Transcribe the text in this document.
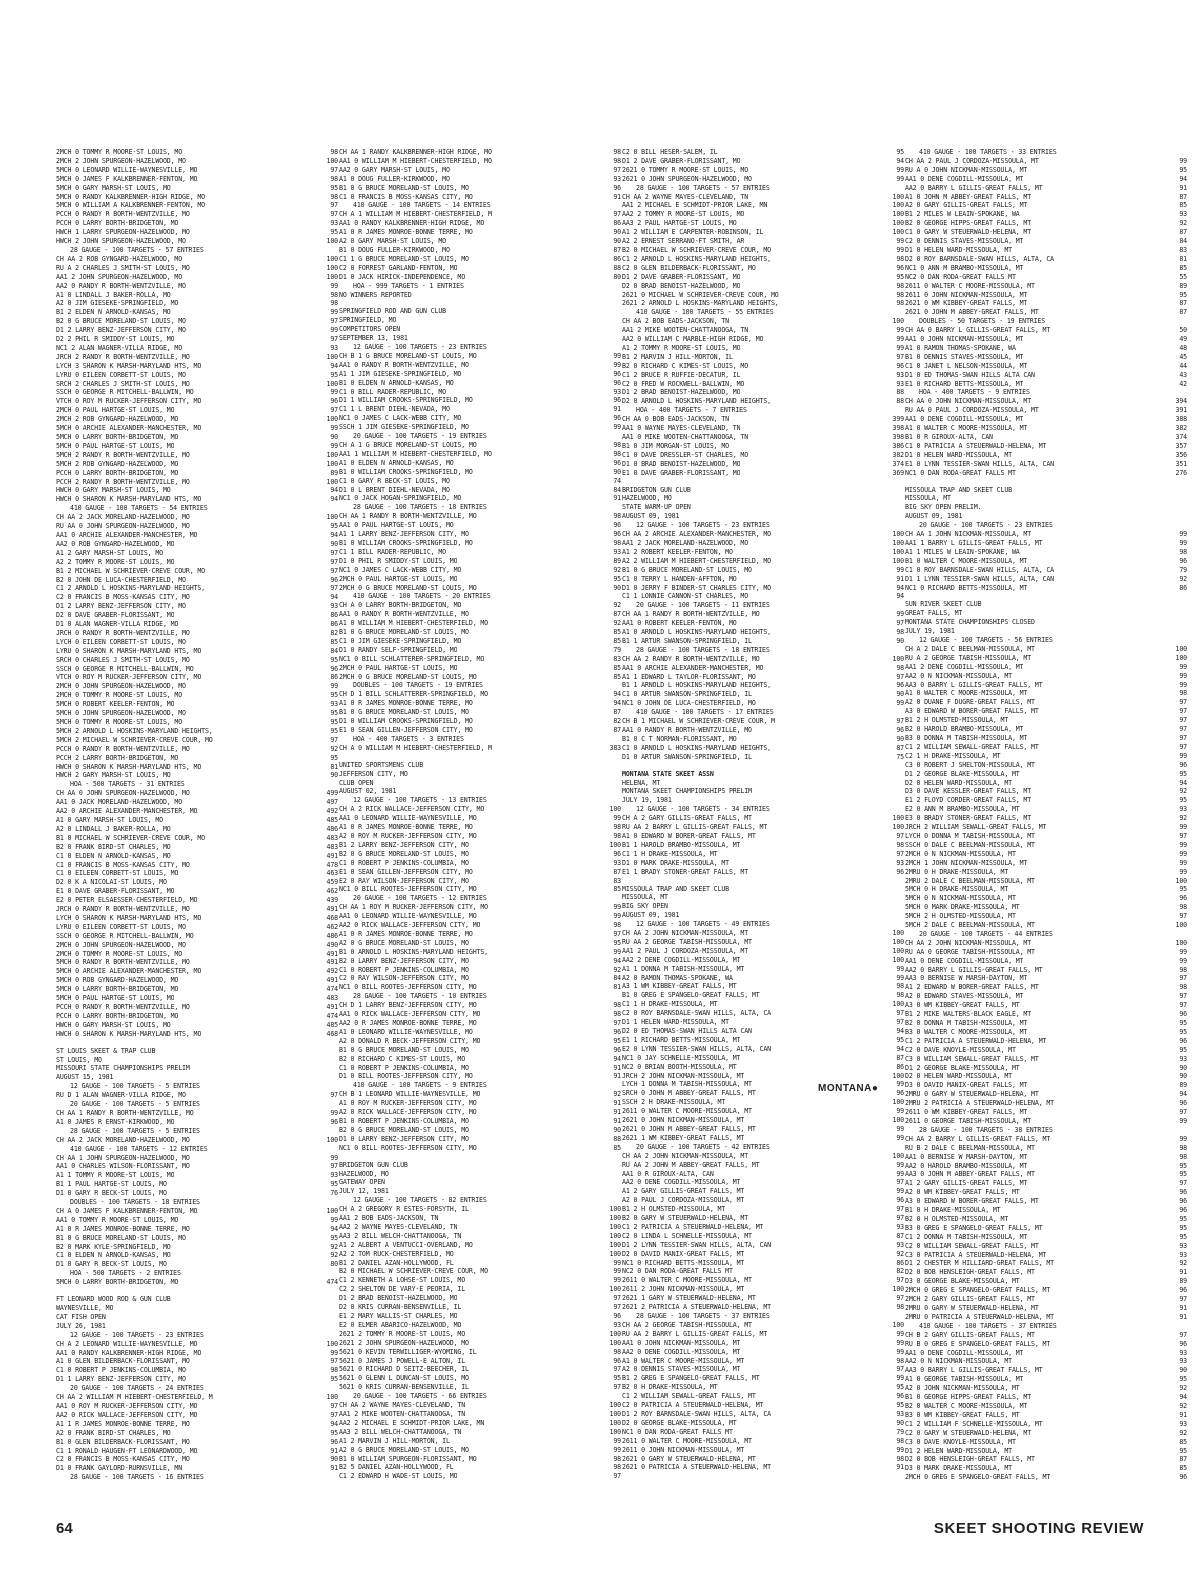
2MCH 0 TOMMY R MOORE-ST LOUIS, MO	98
2MCH 2 JOHN SPURGEON-HAZELWOOD, MO	100
5MCH 0 LEONARD WILLIE-WAYNESVILLE, MO	97
5MCH 0 JAMES F KALKBRENNER-FENTON, MO	98
5MCH 0 GARY MARSH-ST LOUIS, MO	95
5MCH 0 RANDY KALKBRENNER-HIGH RIDGE, MO	98
5MCH 0 WILLIAM A KALKBRENNER-FENTON, MO	97
PCCH 0 RANDY R BORTH-WENTZVILLE, MO	97
PCCH 0 LARRY BORTH-BRIDGETON, MO	93
HWCH 1 LARRY SPURGEON-HAZELWOOD, MO	95
HWCH 2 JOHN SPURGEON-HAZELWOOD, MO	100
28 GAUGE - 100 TARGETS - 57 ENTRIES
CH AA 2 ROB GYNGARD-HAZELWOOD, MO	100
RU A 2 CHARLES J SMITH-ST LOUIS, MO	100
AA1 2 JOHN SPURGEON-HAZELWOOD, MO	100
AA2 0 RANDY R BORTH-WENTZVILLE, MO	99
A1 0 LINDALL J BAKER-ROLLA, MO	98
A2 0 JIM GIESEKE-SPRINGFIELD, MO	98
B1 2 ELDEN N ARNOLD-KANSAS, MO	99
B2 0 G BRUCE MORELAND-ST LOUIS, MO	97
D1 2 LARRY BENZ-JEFFERSON CITY, MO	99
D2 2 PHIL R SMIDDY-ST LOUIS, MO	97
NC1 2 ALAN WAGNER-VILLA RIDGE, MO	93
JRCH 2 RANDY R BORTH-WENTZVILLE, MO	100
LYCH 3 SHARON K MARSH-MARYLAND HTS, MO	94
LYRU 0 EILEEN CORBETT-ST LOUIS, MO	95
SRCH 2 CHARLES J SMITH-ST LOUIS, MO	100
SSCH 0 GEORGE R MITCHELL-BALLWIN, MO	99
VTCH 0 ROY M RUCKER-JEFFERSON CITY, MO	96
2MCH 0 PAUL HARTGE-ST LOUIS, MO	97
2MCH 2 ROB GYNGARD-HAZELWOOD, MO	100
5MCH 0 ARCHIE ALEXANDER-MANCHESTER, MO	99
5MCH 0 LARRY BORTH-BRIDGETON, MO	90
5MCH 0 PAUL HARTGE-ST LOUIS, MO	99
5MCH 2 RANDY R BORTH-WENTZVILLE, MO	100
5MCH 2 ROB GYNGARD-HAZELWOOD, MO	100
PCCH 0 LARRY BORTH-BRIDGETON, MO	89
PCCH 2 RANDY R BORTH-WENTZVILLE, MO	100
HWCH 0 GARY MARSH-ST LOUIS, MO	94
HWCH 0 SHARON K MARSH-MARYLAND HTS, MO	94
410 GAUGE - 100 TARGETS - 54 ENTRIES
CH AA 2 JACK MORELAND-HAZELWOOD, MO	100
RU AA 0 JOHN SPURGEON-HAZELWOOD, MO	95
AA1 0 ARCHIE ALEXANDER-MANCHESTER, MO	94
AA2 0 ROB GYNGARD-HAZELWOOD, MO	90
A1 2 GARY MARSH-ST LOUIS, MO	97
A2 2 TOMMY R MOORE-ST LOUIS, MO	97
B1 2 MICHAEL W SCHRIEVER-CREVE COUR, MO	97
B2 0 JOHN DE LUCA-CHESTERFIELD, MO	96
C1 2 ARNOLD L HOSKINS-MARYLAND HEIGHTS,	97
C2 0 FRANCIS B MOSS-KANSAS CITY, MO	94
D1 2 LARRY BENZ-JEFFERSON CITY, MO	93
D2 0 DAVE GRABER-FLORISSANT, MO	86
D1 0 ALAN WAGNER-VILLA RIDGE, MO	86
JRCH 0 RANDY R BORTH-WENTZVILLE, MO	82
LYCH 0 EILEEN CORBETT-ST LOUIS, MO	85
LYRU 0 SHARON K MARSH-MARYLAND HTS, MO	84
SRCH 0 CHARLES J SMITH-ST LOUIS, MO	95
SSCH 0 GEORGE R MITCHELL-BALLWIN, MO	96
VTCH 0 ROY M RUCKER-JEFFERSON CITY, MO	86
2MCH 0 JOHN SPURGEON-HAZELWOOD, MO	99
2MCH 0 TOMMY R MOORE-ST LOUIS, MO	95
5MCH 0 ROBERT KEELER-FENTON, MO	93
5MCH 0 JOHN SPURGEON-HAZELWOOD, MO	95
5MCH 0 TOMMY R MOORE-ST LOUIS, MO	95
5MCH 2 ARNOLD L HOSKINS-MARYLAND HEIGHTS,	95
5MCH 2 MICHAEL W SCHRIEVER-CREVE COUR, MO	97
PCCH 0 RANDY R BORTH-WENTZVILLE, MO	92
PCCH 2 LARRY BORTH-BRIDGETON, MO	95
HWCH 0 SHARON K MARSH-MARYLAND HTS, MO	81
HWCH 2 GARY MARSH-ST LOUIS, MO	90
HOA - 500 TARGETS - 31 ENTRIES
CH AA 0 JOHN SPURGEON-HAZELWOOD, MO	499
AA1 0 JACK MORELAND-HAZELWOOD, MO	497
AA2 0 ARCHIE ALEXANDER-MANCHESTER, MO	492
A1 0 GARY MARSH-ST LOUIS, MO	485
A2 0 LINDALL J BAKER-ROLLA, MO	486
B1 0 MICHAEL W SCHRIEVER-CREVE COUR, MO	483
B2 0 FRANK BIRD-ST CHARLES, MO	483
C1 0 ELDEN N ARNOLD-KANSAS, MO	491
C1 0 FRANCIS B MOSS-KANSAS CITY, MO	478
C1 0 EILEEN CORBETT-ST LOUIS, MO	463
D2 0 K A NICOLAI-ST LOUIS, MO	459
E1 0 DAVE GRABER-FLORISSANT, MO	462
E2 0 PETER ELSAESSER-CHESTERFIELD, MO	439
JRCH 0 RANDY R BORTH-WENTZVILLE, MO	491
LYCH 0 SHARON K MARSH-MARYLAND HTS, MO	468
LYRU 0 EILEEN CORBETT-ST LOUIS, MO	462
SSCH 0 GEORGE R MITCHELL-BALLWIN, MO	486
2MCH 0 JOHN SPURGEON-HAZELWOOD, MO	490
2MCH 0 TOMMY R MOORE-ST LOUIS, MO	491
5MCH 0 RANDY R BORTH-WENTZVILLE, MO	491
5MCH 0 ARCHIE ALEXANDER-MANCHESTER, MO	492
5MCH 0 ROB GYNGARD-HAZELWOOD, MO	491
5MCH 0 LARRY BORTH-BRIDGETON, MO	474
5MCH 0 PAUL HARTGE-ST LOUIS, MO	483
PCCH 0 RANDY R BORTH-WENTZVILLE, MO	491
PCCH 0 LARRY BORTH-BRIDGETON, MO	474
HWCH 0 GARY MARSH-ST LOUIS, MO	485
HWCH 0 SHARON K MARSH-MARYLAND HTS, MO	468
ST LOUIS SKEET & TRAP CLUB
ST LOUIS, MO
MISSOURI STATE CHAMPIONSHIPS PRELIM
AUGUST 15, 1981
12 GAUGE - 100 TARGETS - 5 ENTRIES
RU D 1 ALAN WAGNER-VILLA RIDGE, MO	97
20 GAUGE - 100 TARGETS - 5 ENTRIES
CH AA 1 RANDY R BORTH-WENTZVILLE, MO	99
A1 0 JAMES R ERNST-KIRKWOOD, MO	96
28 GAUGE - 100 TARGETS - 5 ENTRIES
CH AA 2 JACK MORELAND-HAZELWOOD, MO	100
410 GAUGE - 100 TARGETS - 12 ENTRIES
CH AA 1 JOHN SPURGEON-HAZELWOOD, MO	99
AA1 0 CHARLES WILSON-FLORISSANT, MO	97
A1 1 TOMMY R MOORE-ST LOUIS, MO	93
B1 1 PAUL HARTGE-ST LOUIS, MO	95
D1 0 GARY R BECK-ST LOUIS, MO	76
DOUBLES - 100 TARGETS - 18 ENTRIES
CH A 0 JAMES F KALKBRENNER-FENTON, MO	100
AA1 0 TOMMY R MOORE-ST LOUIS, MO	99
A1 0 R JAMES MONROE-BONNE TERRE, MO	94
B1 0 G BRUCE MORELAND-ST LOUIS, MO	95
B2 0 MARK KYLE-SPRINGFIELD, MO	92
C1 0 ELDEN N ARNOLD-KANSAS, MO	92
D1 0 GARY R BECK-ST LOUIS, MO	80
HOA - 500 TARGETS - 2 ENTRIES
5MCH 0 LARRY BORTH-BRIDGETON, MO	474
FT LEONARD WOOD ROD & GUN CLUB
WAYNESVILLE, MO
CAT FISH OPEN
JULY 26, 1981
12 GAUGE - 100 TARGETS - 23 ENTRIES
CH A 2 LEONARD WILLIE-WAYNESVILLE, MO	100
AA1 0 RANDY KALKBRENNER-HIGH RIDGE, MO	99
A1 0 GLEN BILDERBACK-FLORISSANT, MO	97
C1 0 ROBERT P JENKINS-COLUMBIA, MO	98
D1 1 LARRY BENZ-JEFFERSON CITY, MO	95
20 GAUGE - 100 TARGETS - 24 ENTRIES
CH AA 2 WILLIAM M HIEBERT-CHESTERFIELD, M	100
AA1 0 ROY M RUCKER-JEFFERSON CITY, MO	97
AA2 0 RICK WALLACE-JEFFERSON CITY, MO	97
A1 1 R JAMES MONROE-BONNE TERRE, MO	94
A2 0 FRANK BIRD-ST CHARLES, MO	95
B1 0 GLEN BILDERBACK-FLORISSANT, MO	96
C1 1 RONALD HAUGEN-FT LEONARDWOOD, MO	91
C2 0 FRANCIS B MOSS-KANSAS CITY, MO	90
D1 0 FRANK GAYLORD-RURNSVILLE, MN	91
28 GAUGE - 100 TARGETS - 16 ENTRIES
CH AA 1 RANDY KALKBRENNER-HIGH RIDGE, MO	98
AA1 0 WILLIAM M HIEBERT-CHESTERFIELD, MO	98
AA2 0 GARY MARSH-ST LOUIS, MO	97
A1 0 DOUG FULLER-KIRKWOOD, MO	93
B1 0 G BRUCE MORELAND-ST LOUIS, MO	96
C1 0 FRANCIS B MOSS-KANSAS CITY, MO	91
410 GAUGE - 100 TARGETS - 14 ENTRIES
CH A 1 WILLIAM M HIEBERT-CHESTERFIELD, M	97
AA1 0 RANDY KALKBRENNER-HIGH RIDGE, MO	86
A1 0 R JAMES MONROE-BONNE TERRE, MO	90
A2 0 GARY MARSH-ST LOUIS, MO	90
B1 0 DOUG FULLER-KIRKWOOD, MO	87
C1 1 G BRUCE MORELAND-ST LOUIS, MO	86
C2 0 FORREST GARLAND-FENTON, MO	88
D1 0 JACK HIRICK-INDEPENDENCE, MO	80
HOA - 999 TARGETS - 1 ENTRIES
NO WINNERS REPORTED
SPRINGFIELD ROD AND GUN CLUB
SPRINGFIELD, MO
COMPETITORS OPEN
SEPTEMBER 13, 1981
12 GAUGE - 100 TARGETS - 23 ENTRIES
CH B 1 G BRUCE MORELAND-ST LOUIS, MO	99
AA1 0 RANDY R BORTH-WENTZVILLE, MO	99
A1 1 JIM GIESEKE-SPRINGFIELD, MO	96
B1 0 ELDEN N ARNOLD-KANSAS, MO	96
C1 0 BILL RADER-REPUBLIC, MO	93
D1 1 WILLIAM CROOKS-SPRINGFIELD, MO	96
C1 1 L BRENT DIEHL-NEVADA, MO	91
NC1 0 JAMES C LACK-WEBB CITY, MO	96
SSCH 1 JIM GIESEKE-SPRINGFIELD, MO	99
20 GAUGE - 100 TARGETS - 19 ENTRIES
CH A 1 G BRUCE MORELAND-ST LOUIS, MO	98
AA1 1 WILLIAM M HIEBERT-CHESTERFIELD, MO	98
A1 0 ELDEN N ARNOLD-KANSAS, MO	96
B1 0 WILLIAM CROOKS-SPRINGFIELD, MO	90
C1 0 GARY R BECK-ST LOUIS, MO	74
D1 0 L BRENT DIEHL-NEVADA, MO	84
NC1 0 JACK HOGAN-SPRINGFIELD, MO	91
28 GAUGE - 100 TARGETS - 18 ENTRIES
CH AA 1 RANDY R BORTH-WENTZVILLE, MO	98
AA1 0 PAUL HARTGE-ST LOUIS, MO	96
A1 1 LARRY BENZ-JEFFERSON CITY, MO	96
B1 0 WILLIAM CROOKS-SPRINGFIELD, MO	98
C1 1 BILL RADER-REPUBLIC, MO	93
D1 0 PHIL R SMIDDY-ST LOUIS, MO	89
NC1 0 JAMES C LACK-WEBB CITY, MO	92
2MCH 0 PAUL HARTGE-ST LOUIS, MO	95
2MCH 0 G BRUCE MORELAND-ST LOUIS, MO	90
410 GAUGE - 100 TARGETS - 20 ENTRIES
CH A 0 LARRY BORTH-BRIDGETON, MO	92
AA1 0 RANDY R BORTH-WENTZVILLE, MO	87
A1 0 WILLIAM M HIEBERT-CHESTERFIELD, MO	92
B1 0 G BRUCE MORELAND-ST LOUIS, MO	85
C1 0 JIM GIESEKE-SPRINGFIELD, MO	85
D1 0 RANDY SELF-SPRINGFIELD, MO	79
NC1 0 BILL SCHLATTERER-SPRINGFIELD, MO	83
2MCH 0 PAUL HARTGE-ST LOUIS, MO	85
2MCH 0 G BRUCE MORELAND-ST LOUIS, MO	85
DOUBLES - 100 TARGETS - 19 ENTRIES
CH D 1 BILL SCHLATTERER-SPRINGFIELD, MO	94
A1 0 R JAMES MONROE-BONNE TERRE, MO	94
B1 0 G BRUCE MORELAND-ST LOUIS, MO	87
D1 0 WILLIAM CROOKS-SPRINGFIELD, MO	82
E1 0 SEAN GILLEN-JEFFERSON CITY, MO	87
HOA - 400 TARGETS - 3 ENTRIES
CH A 0 WILLIAM M HIEBERT-CHESTERFIELD, M	383
UNITED SPORTSMENS CLUB
JEFFERSON CITY, MO
CLUB OPEN
AUGUST 02, 1981
12 GAUGE - 100 TARGETS - 13 ENTRIES
CH A 2 RICK WALLACE-JEFFERSON CITY, MO	100
AA1 0 LEONARD WILLIE-WAYNESVILLE, MO	99
A1 0 R JAMES MONROE-BONNE TERRE, MO	98
A2 0 ROY M RUCKER-JEFFERSON CITY, MO	98
B1 2 LARRY BENZ-JEFFERSON CITY, MO	100
B2 0 G BRUCE MORELAND-ST LOUIS, MO	96
C1 0 ROBERT P JENKINS-COLUMBIA, MO	93
E1 0 SEAN GILLEN-JEFFERSON CITY, MO	87
E2 0 RAY WILSON-JEFFERSON CITY, MO	83
NC1 0 BILL ROOTES-JEFFERSON CITY, MO	85
20 GAUGE - 100 TARGETS - 12 ENTRIES
CH AA 1 ROY M RUCKER-JEFFERSON CITY, MO	99
AA1 0 LEONARD WILLIE-WAYNESVILLE, MO	99
AA2 0 RICK WALLACE-JEFFERSON CITY, MO	98
A1 0 R JAMES MONROE-BONNE TERRE, MO	97
A2 0 G BRUCE MORELAND-ST LOUIS, MO	95
B1 0 ARNOLD L HOSKINS-MARYLAND HEIGHTS,	99
B2 0 LARRY BENZ-JEFFERSON CITY, MO	94
C1 0 ROBERT P JENKINS-COLUMBIA, MO	92
C2 0 RAY WILSON-JEFFERSON CITY, MO	84
NC1 0 BILL ROOTES-JEFFERSON CITY, MO	81
28 GAUGE - 100 TARGETS - 10 ENTRIES
CH D 1 LARRY BENZ-JEFFERSON CITY, MO	98
AA1 0 RICK WALLACE-JEFFERSON CITY, MO	98
AA2 0 R JAMES MONROE-BONNE TERRE, MO	97
A1 0 LEONARD WILLIE-WAYNESVILLE, MO	96
A2 0 DONALD R BECK-JEFFERSON CITY, MO	95
B1 0 G BRUCE MORELAND-ST LOUIS, MO	96
B2 0 RICHARD C KIMES-ST LOUIS, MO	94
C1 0 ROBERT P JENKINS-COLUMBIA, MO	91
D1 0 BILL ROOTES-JEFFERSON CITY, MO	91
410 GAUGE - 100 TARGETS - 9 ENTRIES
CH B 1 LEONARD WILLIE-WAYNESVILLE, MO	92
A1 0 ROY M RUCKER-JEFFERSON CITY, MO	91
A2 0 RICK WALLACE-JEFFERSON CITY, MO	91
B1 0 ROBERT P JENKINS-COLUMBIA, MO	91
B2 0 G BRUCE MORELAND-ST LOUIS, MO	90
D1 0 LARRY BENZ-JEFFERSON CITY, MO	88
NC1 0 BILL ROOTES-JEFFERSON CITY, MO	85
BRIDGETON GUN CLUB
HAZELWOOD, MO
GATEWAY OPEN
JULY 12, 1981
12 GAUGE - 100 TARGETS - 82 ENTRIES
CH A 2 GREGORY R ESTES-FORSYTH, IL	100
AA1 2 BOB EADS-JACKSON, TN	100
AA2 2 WAYNE MAYES-CLEVELAND, TN	100
AA3 2 BILL WELCH-CHATTANOOGA, TN	100
A1 2 ALBERT A VENTUCCI-OVERLAND, MO	100
A2 2 TOM RUCK-CHESTERFIELD, MO	100
B1 2 DANIEL AZAN-HOLLYWOOD, FL	99
B2 0 MICHAEL W SCHRIEVER-CREVE COUR, MO	99
C1 2 KENNETH A LOHSE-ST LOUIS, MO	99
C2 2 SHELTON DE VARY-E PEORIA, IL	100
D1 2 BRAD BENOIST-HAZELWOOD, MO	97
D2 0 KRIS CURRAN-BENSENVILLE, IL	97
E1 2 MARY WALLIS-ST CHARLES, MO	96
E2 0 ELMER ABARICO-HAZELWOOD, MO	93
2621 2 TOMMY R MOORE-ST LOUIS, MO	100
2621 2 JOHN SPURGEON-HAZELWOOD, MO	100
5621 0 KEVIN TERWILLIGER-WYOMING, IL	98
5621 0 JAMES J POWELL-E ALTON, IL	96
5621 0 RICHARD D SEITZ-BEECHER, IL	97
5621 0 GLENN L DUNCAN-ST LOUIS, MO	95
5621 0 KRIS CURRAN-BENSENVILLE, IL	97
20 GAUGE - 100 TARGETS - 66 ENTRIES
CH AA 2 WAYNE MAYES-CLEVELAND, TN	100
AA1 2 MIKE WOOTEN-CHATTANOOGA, TN	100
AA2 2 MICHAEL E SCHMIDT-PRIOR LAKE, MN	100
AA3 2 BILL WELCH-CHATTANOOGA, TN	100
A1 2 MARVIN J HILL-MORTON, IL	99
A2 0 G BRUCE MORELAND-ST LOUIS, MO	99
B1 0 WILLIAM SPURGEON-FLORISSANT, MO	98
B2 5 DANIEL AZAN-HOLLYWOOD, FL	98
C1 2 EDWARD H WADE-ST LOUIS, MO	97
C2 0 BILL HESER-SALEM, IL	95
D1 2 DAVE GRABER-FLORISSANT, MO	94
2621 0 TOMMY R MOORE-ST LOUIS, MO	99
2621 0 JOHN SPURGEON-HAZELWOOD, MO	99
28 GAUGE - 100 TARGETS - 57 ENTRIES
CH AA 2 WAYNE MAYES-CLEVELAND, TN	100
AA1 2 MICHAEL E SCHMIDT-PRIOR LAKE, MN	100
AA2 2 TOMMY R MOORE-ST LOUIS, MO	100
AA3 2 PAUL HARTGE-ST LOUIS, MO	100
A1 2 WILLIAM E CARPENTER-ROBINSON, IL	100
A2 2 ERNEST SERRANO-FT SMITH, AR	99
B2 0 MICHAEL W SCHRIEVER-CREVE COUR, MO	99
C1 2 ARNOLD L HOSKINS-MARYLAND HEIGHTS,	98
C2 0 GLEN BILDERBACK-FLORISSANT, MO	96
D1 2 DAVE GRABER-FLORISSANT, MO	95
D2 0 BRAD BENOIST-HAZELWOOD, MO	98
2621 0 MICHAEL W SCHRIEVER-CREVE COUR, MO	98
2621 2 ARNOLD L HOSKINS-MARYLAND HEIGHTS,	98
410 GAUGE - 100 TARGETS - 55 ENTRIES
CH AA 2 BOB EADS-JACKSON, TN	100
AA1 2 MIKE WOOTEN-CHATTANOOGA, TN	99
AA2 0 WILLIAM C MARBLE-HIGH RIDGE, MO	99
A1 2 TOMMY R MOORE-ST LOUIS, MO	99
B1 2 MARVIN J HILL-MORTON, IL	97
B2 0 RICHARD C KIMES-ST LOUIS, MO	96
C1 2 BRUCE R RUFFIE-DECATUR, IL	93
C2 0 FRED W ROCKWELL-BALLWIN, MO	93
D1 2 BRAD BENOIST-HAZELWOOD, MO	88
D2 0 ARNOLD L HOSKINS-MARYLAND HEIGHTS,	88
HOA - 400 TARGETS - 7 ENTRIES
CH AA 0 BOB EADS-JACKSON, TN	399
AA1 0 WAYNE MAYES-CLEVELAND, TN	398
AA1 0 MIKE WOOTEN-CHATTANOOGA, TN	398
B1 0 JIM MORGAN-ST LOUIS, MO	386
C1 0 DAVE DRESSLER-ST CHARLES, MO	382
D1 0 BRAD BENOIST-HAZELWOOD, MO	374
E1 0 DAVE GRABER-FLORISSANT, MO	369
BRIDGETON GUN CLUB
HAZELWOOD, MO
STATE WARM-UP OPEN
AUGUST 09, 1981
12 GAUGE - 100 TARGETS - 23 ENTRIES
CH AA 2 ARCHIE ALEXANDER-MANCHESTER, MO	100
AA1 2 JACK MORELAND-HAZELWOOD, MO	100
A1 2 ROBERT KEELER-FENTON, MO	100
A2 2 WILLIAM M HIEBERT-CHESTERFIELD, MO	100
B1 0 G BRUCE MORELAND-ST LOUIS, MO	99
C1 0 TERRY L HANDEN-AFFTON, MO	91
D1 0 JERRY F BINDER-ST CHARLES CITY, MO	94
C1 1 LONNIE CANNON-ST CHARLES, MO	94
20 GAUGE - 100 TARGETS - 11 ENTRIES
CH AA 1 RANDY R BORTH-WENTZVILLE, MO	99
AA1 0 ROBERT KEELER-FENTON, MO	97
A1 0 ARNOLD L HOSKINS-MARYLAND HEIGHTS,	98
B1 1 ARTUR SWANSON-SPRINGFIELD, IL	90
28 GAUGE - 100 TARGETS - 18 ENTRIES
CH AA 2 RANDY R BORTH-WENTZVILLE, MO	100
AA1 0 ARCHIE ALEXANDER-MANCHESTER, MO	98
A1 1 EDWARD L TAYLOR-FLORISSANT, MO	97
B1 1 ARNOLD L HOSKINS-MARYLAND HEIGHTS,	96
C1 0 ARTUR SWANSON-SPRINGFIELD, IL	90
NC1 0 JOHN DE LUCA-CHESTERFIELD, MO	99
410 GAUGE - 100 TARGETS - 17 ENTRIES
CH B 1 MICHAEL W SCHRIEVER-CREVE COUR, M	97
AA1 0 RANDY R BORTH-WENTZVILLE, MO	96
B1 0 C T NORMAN-FLORISSANT, MO	90
C1 0 ARNOLD L HOSKINS-MARYLAND HEIGHTS,	87
D1 0 ARTUR SWANSON-SPRINGFIELD, IL	75
MONTANA STATE SKEET ASSN
HELENA, MT
MONTANA SKEET CHAMPIONSHIPS PRELIM
JULY 19, 1981
12 GAUGE - 100 TARGETS - 34 ENTRIES
CH A 2 GARY GILLIS-GREAT FALLS, MT	100
RU AA 2 BARRY L GILLIS-GREAT FALLS, MT	100
A1 0 EDWARD W BORER-GREAT FALLS, MT	97
B1 1 HAROLD BRAMBO-MISSOULA, MT	98
C1 1 H DRAKE-MISSOULA, MT	97
D1 0 MARK DRAKE-MISSOULA, MT	93
E1 1 BRADY STONER-GREAT FALLS, MT	96
MISSOULA TRAP AND SKEET CLUB
MISSOULA, MT
BIG SKY OPEN
AUGUST 09, 1981
12 GAUGE - 100 TARGETS - 49 ENTRIES
CH AA 2 JOHN NICKMAN-MISSOULA, MT	100
RU AA 2 GEORGE TABISH-MISSOULA, MT	100
AA1 2 PAUL J CORDOZA-MISSOULA, MT	100
AA2 2 DENE COGDILL-MISSOULA, MT	100
A1 1 DONNA M TABISH-MISSOULA, MT	99
A2 0 RAMON THOMAS-SPOKANE, WA	99
A3 1 WM KIBBEY-GREAT FALLS, MT	98
B1 0 GREG E SPANGELO-GREAT FALLS, MT	98
C1 1 H DRAKE-MISSOULA, MT	100
C2 0 ROY BARNSDALE-SWAN HILLS, ALTA, CA	97
D1 1 HELEN WARD-MISSOULA, MT	97
D2 0 ED THOMAS-SWAN HILLS ALTA CAN	94
E1 1 RICHARD BETTS-MISSOULA, MT	95
E2 0 LYNN TESSIER-SWAN HILLS, ALTA, CAN	94
NC1 0 JAY SCHNELLE-MISSOULA, MT	87
NC2 0 BRIAN BOOTH-MISSOULA, MT	86
JRCH 2 JOHN NICKMAN-MISSOULA, MT	100
LYCH 1 DONNA M TABISH-MISSOULA, MT	99
SRCH 0 JOHN M ABBEY-GREAT FALLS, MT	96
SSCH 2 H DRAKE-MISSOULA, MT	100
2611 0 WALTER C MOORE-MISSOULA, MT	99
2621 0 JOHN NICKMAN-MISSOULA, MT	100
2621 0 JOHN M ABBEY-GREAT FALLS, MT	99
2621 1 WM KIBBEY-GREAT FALLS, MT	99
20 GAUGE - 100 TARGETS - 42 ENTRIES
CH AA 2 JOHN NICKMAN-MISSOULA, MT	100
RU AA 2 JOHN M ABBEY-GREAT FALLS, MT	99
AA1 0 R GIROUX-ALTA, CAN	99
AA2 0 DENE COGDILL-MISSOULA, MT	97
A1 2 GARY GILLIS-GREAT FALLS, MT	99
A2 0 PAUL J CORDOZA-MISSOULA, MT	96
B1 2 H OLMSTED-MISSOULA, MT	97
B2 0 GARY W STEUERWALD-HELENA, MT	97
C1 2 PATRICIA A STEUERWALD-HELENA, MT	93
C2 0 LINDA L SCHNELLE-MISSOULA, MT	87
D1 2 LYNN TESSIER-SWAN HILLS, ALTA, CAN	93
D2 0 DAVID MANIX-GREAT FALLS, MT	92
NC1 0 RICHARD BETTS-MISSOULA, MT	86
NC2 0 DAN RODA-GREAT FALLS MT	82
2611 0 WALTER C MOORE-MISSOULA, MT	97
2611 2 JOHN NICKMAN-MISSOULA, MT	100
2621 1 GARY W STEUERWALD-HELENA, MT	97
2621 2 PATRICIA A STEUERWALD-HELENA, MT	98
28 GAUGE - 100 TARGETS - 37 ENTRIES
CH AA 2 GEORGE TABISH-MISSOULA, MT	100
RU AA 2 BARRY L GILLIS-GREAT FALLS, MT	99
AA1 0 JOHN NICKMAN-MISSOULA, MT	99
AA2 0 DENE COGDILL-MISSOULA, MT	99
A1 0 WALTER C MOORE-MISSOULA, MT	98
A2 0 DENNIS STAVES-MISSOULA, MT	97
B1 2 GREG E SPANGELO-GREAT FALLS, MT	99
B2 0 H DRAKE-MISSOULA, MT	95
C1 2 WILLIAM SEWALL-GREAT FALLS, MT	96
C2 0 PATRICIA A STEUERWALD-HELENA, MT	95
D1 2 ROY BARNSDALE-SWAN HILLS, ALTA, CA	93
D2 0 GEORGE BLAKE-MISSOULA, MT	90
NC1 0 DAN RODA-GREAT FALLS MT	79
2611 0 WALTER C MOORE-MISSOULA, MT	98
2611 0 JOHN NICKMAN-MISSOULA, MT	99
2621 0 GARY W STEUERWALD-HELENA, MT	98
2621 0 PATRICIA A STEUERWALD-HELENA, MT	91
410 GAUGE - 100 TARGETS - 33 ENTRIES
CH AA 2 PAUL J CORDOZA-MISSOULA, MT	99
RU A 0 JOHN NICKMAN-MISSOULA, MT	95
AA1 0 DENE COGDILL-MISSOULA, MT	94
AA2 0 BARRY L GILLIS-GREAT FALLS, MT	91
A1 0 JOHN M ABBEY-GREAT FALLS, MT	87
A2 0 GARY GILLIS-GREAT FALLS, MT	85
B1 2 MILES W LEAIN-SPOKANE, WA	93
B2 0 GEORGE HIPPS-GREAT FALLS, MT	92
C1 0 GARY W STEUERWALD-HELENA, MT	87
C2 0 DENNIS STAVES-MISSOULA, MT	84
D1 0 HELEN WARD-MISSOULA, MT	83
D2 0 ROY BARNSDALE-SWAN HILLS, ALTA, CA	81
NC1 0 ANN M BRAMBO-MISSOULA, MT	85
NC2 0 DAN RODA-GREAT FALLS MT	55
2611 0 WALTER C MOORE-MISSOULA, MT	89
2611 0 JOHN NICKMAN-MISSOULA, MT	95
2621 0 WM KIBBEY-GREAT FALLS, MT	87
2621 0 JOHN M ABBEY-GREAT FALLS, MT	87
DOUBLES - 50 TARGETS - 19 ENTRIES
CH AA 0 BARRY L GILLIS-GREAT FALLS, MT	50
AA1 0 JOHN NICKMAN-MISSOULA, MT	49
A1 0 RAMON THOMAS-SPOKANE, WA	48
B1 0 DENNIS STAVES-MISSOULA, MT	45
C1 0 JANET L NELSON-MISSOULA, MT	44
D1 0 ED THOMAS-SWAN HILLS ALTA CAN	43
E1 0 RICHARD BETTS-MISSOULA, MT	42
HOA - 400 TARGETS - 9 ENTRIES
CH AA 0 JOHN NICKMAN-MISSOULA, MT	394
RU AA 0 PAUL J CORDOZA-MISSOULA, MT	391
AA1 0 DENE COGDILL-MISSOULA, MT	388
A1 0 WALTER C MOORE-MISSOULA, MT	382
B1 0 R GIROUX-ALTA, CAN	374
C1 0 PATRICIA A STEUERWALD-HELENA, MT	357
D1 0 HELEN WARD-MISSOULA, MT	356
E1 0 LYNN TESSIER-SWAN HILLS, ALTA, CAN	351
NC1 0 DAN RODA-GREAT FALLS MT	276
MISSOULA TRAP AND SKEET CLUB
MISSOULA, MT
BIG SKY OPEN PRELIM.
AUGUST 09, 1981
20 GAUGE - 100 TARGETS - 23 ENTRIES
CH AA 1 JOHN NICKMAN-MISSOULA, MT	99
AA1 1 BARRY L GILLIS-GREAT FALLS, MT	99
A1 1 MILES W LEAIN-SPOKANE, WA	98
B1 0 WALTER C MOORE-MISSOULA, MT	96
C1 0 ROY BARNSDALE-SWAN HILLS, ALTA, CA	79
D1 1 LYNN TESSIER-SWAN HILLS, ALTA, CAN	92
NC1 0 RICHARD BETTS-MISSOULA, MT	86
SUN RIVER SKEET CLUB
GREAT FALLS, MT
MONTANA STATE CHAMPIONSHIPS CLOSED
JULY 19, 1981
12 GAUGE - 100 TARGETS - 56 ENTRIES
CH A 2 DALE C BEELMAN-MISSOULA, MT	100
RU A 2 GEORGE TABISH-MISSOULA, MT	100
AA1 2 DENE COGDILL-MISSOULA, MT	99
AA2 0 N NICKMAN-MISSOULA, MT	99
AA3 0 BARRY L GILLIS-GREAT FALLS, MT	99
A1 0 WALTER C MOORE-MISSOULA, MT	98
A2 0 DUANE F DUGRE-GREAT FALLS, MT	97
A3 0 EDWARD W BORER-GREAT FALLS, MT	97
B1 2 H OLMSTED-MISSOULA, MT	97
B2 0 HAROLD BRAMBO-MISSOULA, MT	97
B3 0 DONNA M TABISH-MISSOULA, MT	97
C1 2 WILLIAM SEWALL-GREAT FALLS, MT	97
C2 1 H DRAKE-MISSOULA, MT	99
C3 0 ROBERT J SHELTON-MISSOULA, MT	96
D1 2 GEORGE BLAKE-MISSOULA, MT	95
D2 0 HELEN WARD-MISSOULA, MT	94
D3 0 DAVE KESSLER-GREAT FALLS, MT	92
E1 2 FLOYD CORDER-GREAT FALLS, MT	95
E2 0 ANN M BRAMBO-MISSOULA, MT	93
E3 0 BRADY STONER-GREAT FALLS, MT	92
JRCH 2 WILLIAM SEWALL-GREAT FALLS, MT	99
LYCH 0 DONNA M TABISH-MISSOULA, MT	97
SSCH 0 DALE C BEELMAN-MISSOULA, MT	99
2MCH 0 N NICKMAN-MISSOULA, MT	99
2MCH 1 JOHN NICKMAN-MISSOULA, MT	99
2MRU 0 H DRAKE-MISSOULA, MT	99
2MRU 2 DALE C BEELMAN-MISSOULA, MT	100
5MCH 0 H DRAKE-MISSOULA, MT	95
5MCH 0 N NICKMAN-MISSOULA, MT	96
5MCH 0 MARK DRAKE-MISSOULA, MT	98
5MCH 2 H OLMSTED-MISSOULA, MT	97
5MCH 2 DALE C BEELMAN-MISSOULA, MT	100
20 GAUGE - 100 TARGETS - 44 ENTRIES
CH AA 2 JOHN NICKMAN-MISSOULA, MT	100
RU AA 0 GEORGE TABISH-MISSOULA, MT	99
AA1 0 DENE COGDILL-MISSOULA, MT	99
AA2 0 BARRY L GILLIS-GREAT FALLS, MT	98
AA3 0 BERNISE W MARSH-DAYTON, MT	97
A1 2 EDWARD W BORER-GREAT FALLS, MT	98
A2 0 EDWARD STAVES-MISSOULA, MT	97
A3 0 WM KIBBEY-GREAT FALLS, MT	97
B1 2 MIKE WALTERS-BLACK EAGLE, MT	96
B2 0 DONNA M TABISH-MISSOULA, MT	95
B3 0 WALTER C MOORE-MISSOULA, MT	95
C1 2 PATRICIA A STEUERWALD-HELENA, MT	96
C2 0 DAVE KNOYLE-MISSOULA, MT	95
C3 0 WILLIAM SEWALL-GREAT FALLS, MT	93
D1 2 GEORGE BLAKE-MISSOULA, MT	90
D2 0 HELEN WARD-MISSOULA, MT	90
D3 0 DAVID MANIX-GREAT FALLS, MT	89
2MRU 0 GARY W STEUERWALD-HELENA, MT	94
2MRU 2 PATRICIA A STEUERWALD-HELENA, MT	96
2611 0 WM KIBBEY-GREAT FALLS, MT	97
2611 0 GEORGE TABISH-MISSOULA, MT	99
28 GAUGE - 100 TARGETS - 38 ENTRIES
CH AA 2 BARRY L GILLIS-GREAT FALLS, MT	99
RU B 2 DALE C BEELMAN-MISSOULA, MT	98
AA1 0 BERNISE W MARSH-DAYTON, MT	98
AA2 0 HAROLD BRAMBO-MISSOULA, MT	95
AA3 0 JOHN M ABBEY-GREAT FALLS, MT	95
A1 2 GARY GILLIS-GREAT FALLS, MT	97
A2 0 WM KIBBEY-GREAT FALLS, MT	96
A3 0 EDWARD W BORER-GREAT FALLS, MT	96
B1 0 H DRAKE-MISSOULA, MT	96
B2 0 H OLMSTED-MISSOULA, MT	95
B3 0 GREG E SPANGELO-GREAT FALLS, MT	95
C1 2 DONNA M TABISH-MISSOULA, MT	95
C2 0 WILLIAM SEWALL-GREAT FALLS, MT	93
C3 0 PATRICIA A STEUERWALD-HELENA, MT	93
D1 2 CHESTER M HILLIARD-GREAT FALLS, MT	92
D2 0 BOB HENSLEIGH-GREAT FALLS, MT	91
D3 0 GEORGE BLAKE-MISSOULA, MT	89
2MCH 0 GREG E SPANGELO-GREAT FALLS, MT	96
2MCH 2 GARY GILLIS-GREAT FALLS, MT	97
2MRU 0 GARY W STEUERWALD-HELENA, MT	91
2MRU 0 PATRICIA A STEUERWALD-HELENA, MT	91
410 GAUGE - 100 TARGETS - 37 ENTRIES
CH B 2 GARY GILLIS-GREAT FALLS, MT	97
RU B 0 GREG E SPANGELO-GREAT FALLS, MT	96
AA1 0 DENE COGDILL-MISSOULA, MT	93
AA2 0 N NICKMAN-MISSOULA, MT	93
AA3 0 BARRY L GILLIS-GREAT FALLS, MT	90
A1 0 GEORGE TABISH-MISSOULA, MT	95
A2 0 JOHN NICKMAN-MISSOULA, MT	92
B1 0 GEORGE HIPPS-GREAT FALLS, MT	94
B2 0 WALTER C MOORE-MISSOULA, MT	92
B3 0 WM KIBBEY-GREAT FALLS, MT	91
C1 2 WILLIAM F SCHNELLE-MISSOULA, MT	93
C2 0 GARY W STEUERWALD-HELENA, MT	92
C3 0 DAVE KNOYLE-MISSOULA, MT	85
D1 2 HELEN WARD-MISSOULA, MT	95
D2 0 BOB HENSLEIGH-GREAT FALLS, MT	87
D3 0 MARK DRAKE-MISSOULA, MT	85
2MCH 0 GREG E SPANGELO-GREAT FALLS, MT	96
MONTANA●
64	SKEET SHOOTING REVIEW
